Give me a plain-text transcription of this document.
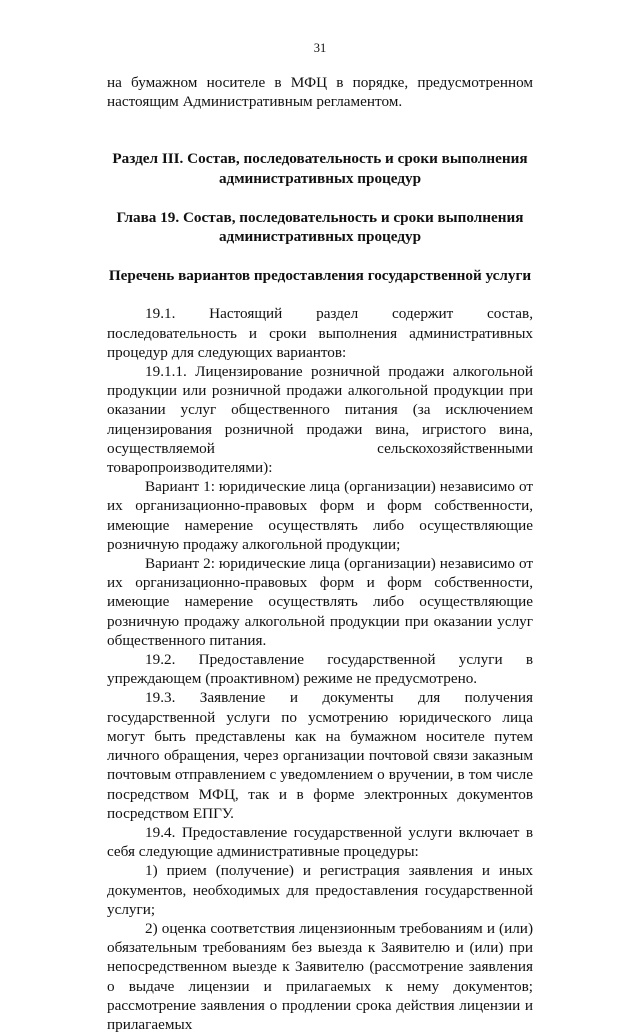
31

на бумажном носителе в МФЦ в порядке, предусмотренном настоящим Административным регламентом.

Раздел III. Состав, последовательность и сроки выполнения административных процедур

Глава 19. Состав, последовательность и сроки выполнения административных процедур

Перечень вариантов предоставления государственной услуги

19.1. Настоящий раздел содержит состав, последовательность и сроки выполнения административных процедур для следующих вариантов:

19.1.1. Лицензирование розничной продажи алкогольной продукции или розничной продажи алкогольной продукции при оказании услуг общественного питания (за исключением лицензирования розничной продажи вина, игристого вина, осуществляемой сельскохозяйственными товаропроизводителями):

Вариант 1: юридические лица (организации) независимо от их организационно-правовых форм и форм собственности, имеющие намерение осуществлять либо осуществляющие розничную продажу алкогольной продукции;

Вариант 2: юридические лица (организации) независимо от их организационно-правовых форм и форм собственности, имеющие намерение осуществлять либо осуществляющие розничную продажу алкогольной продукции при оказании услуг общественного питания.

19.2. Предоставление государственной услуги в упреждающем (проактивном) режиме не предусмотрено.

19.3. Заявление и документы для получения государственной услуги по усмотрению юридического лица могут быть представлены как на бумажном носителе путем личного обращения, через организации почтовой связи заказным почтовым отправлением с уведомлением о вручении, в том числе посредством МФЦ, так и в форме электронных документов посредством ЕПГУ.

19.4. Предоставление государственной услуги включает в себя следующие административные процедуры:

1) прием (получение) и регистрация заявления и иных документов, необходимых для предоставления государственной услуги;

2) оценка соответствия лицензионным требованиям и (или) обязательным требованиям без выезда к Заявителю и (или) при непосредственном выезде к Заявителю (рассмотрение заявления о выдаче лицензии и прилагаемых к нему документов; рассмотрение заявления о продлении срока действия лицензии и прилагаемых
